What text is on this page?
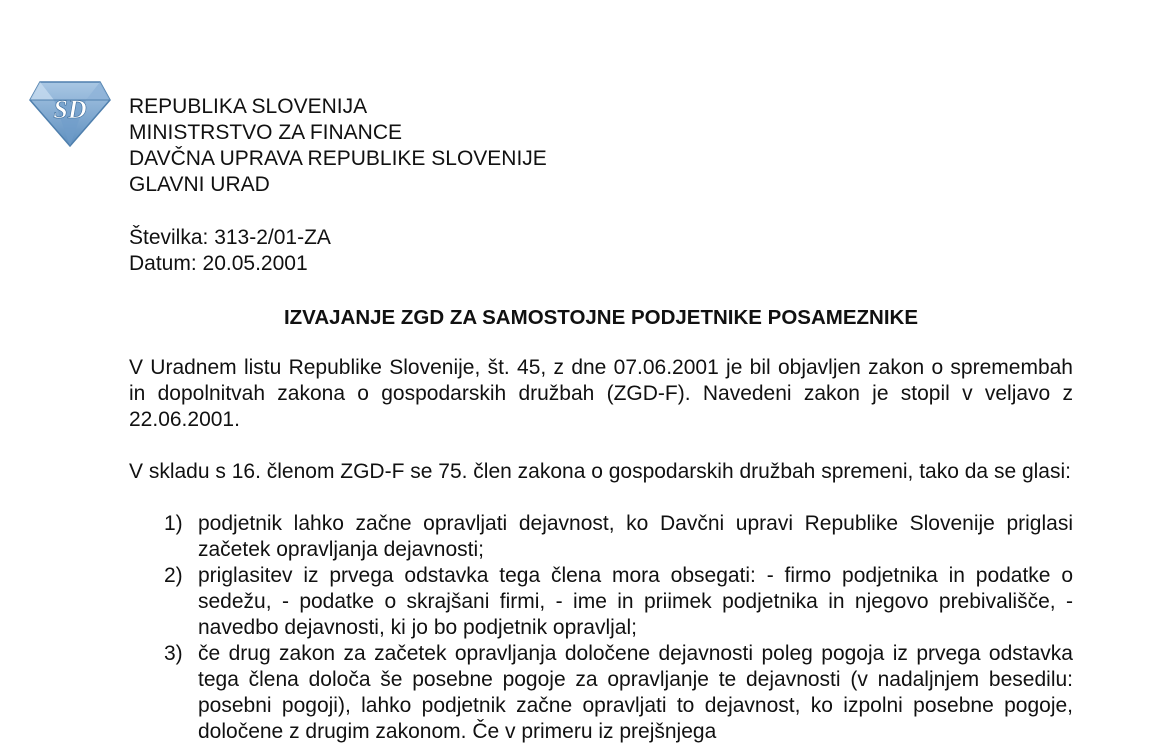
SD REPUBLIKA SLOVENIJA
MINISTRSTVO ZA FINANCE
DAVČNA UPRAVA REPUBLIKE SLOVENIJE
GLAVNI URAD
Številka: 313-2/01-ZA
Datum: 20.05.2001
IZVAJANJE ZGD ZA SAMOSTOJNE PODJETNIKE POSAMEZNIKE
V Uradnem listu Republike Slovenije, št. 45, z dne 07.06.2001 je bil objavljen zakon o spremembah in dopolnitvah zakona o gospodarskih družbah (ZGD-F). Navedeni zakon je stopil v veljavo z 22.06.2001.
V skladu s 16. členom ZGD-F se 75. člen zakona o gospodarskih družbah spremeni, tako da se glasi:
1) podjetnik lahko začne opravljati dejavnost, ko Davčni upravi Republike Slovenije priglasi začetek opravljanja dejavnosti;
2) priglasitev iz prvega odstavka tega člena mora obsegati: - firmo podjetnika in podatke o sedežu, - podatke o skrajšani firmi, - ime in priimek podjetnika in njegovo prebivališče, - navedbo dejavnosti, ki jo bo podjetnik opravljal;
3) če drug zakon za začetek opravljanja določene dejavnosti poleg pogoja iz prvega odstavka tega člena določa še posebne pogoje za opravljanje te dejavnosti (v nadaljnjem besedilu: posebni pogoji), lahko podjetnik začne opravljati to dejavnost, ko izpolni posebne pogoje, določene z drugim zakonom. Če v primeru iz prejšnjega
